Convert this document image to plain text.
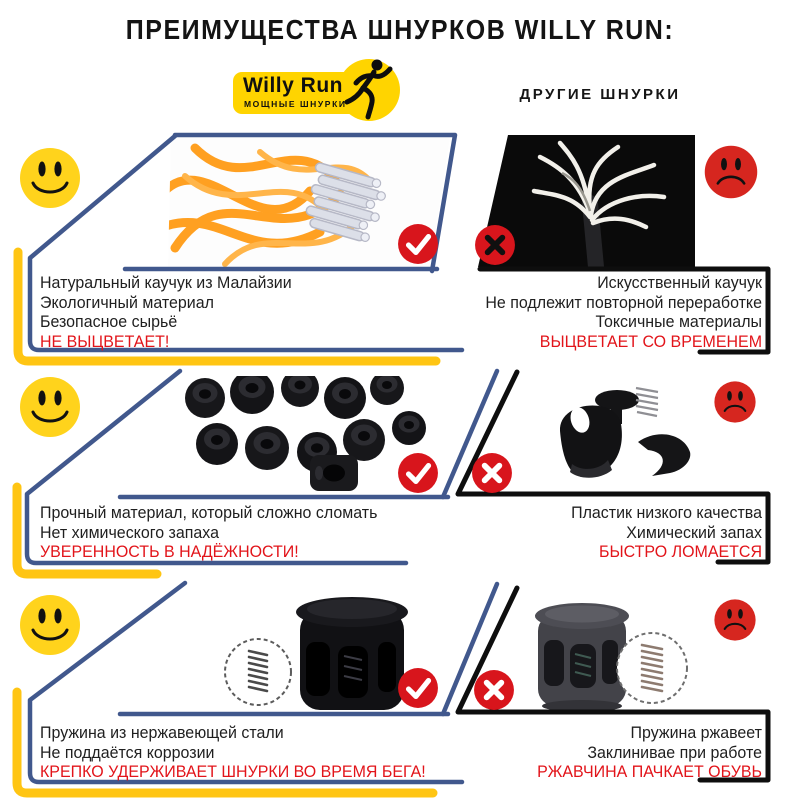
ПРЕИМУЩЕСТВА ШНУРКОВ WILLY RUN:
Willy Run
МОЩНЫЕ ШНУРКИ
ДРУГИЕ ШНУРКИ
Натуральный каучук из Малайзии
Экологичный материал
Безопасное сырьё
НЕ ВЫЦВЕТАЕТ!
Искусственный каучук
Не подлежит повторной переработке
Токсичные материалы
ВЫЦВЕТАЕТ СО ВРЕМЕНЕМ
Прочный материал, который сложно сломать
Нет химического запаха
УВЕРЕННОСТЬ В НАДЁЖНОСТИ!
Пластик низкого качества
Химический запах
БЫСТРО ЛОМАЕТСЯ
Пружина из нержавеющей стали
Не поддаётся коррозии
КРЕПКО УДЕРЖИВАЕТ ШНУРКИ ВО ВРЕМЯ БЕГА!
Пружина ржавеет
Заклинивае при работе
РЖАВЧИНА ПАЧКАЕТ ОБУВЬ
